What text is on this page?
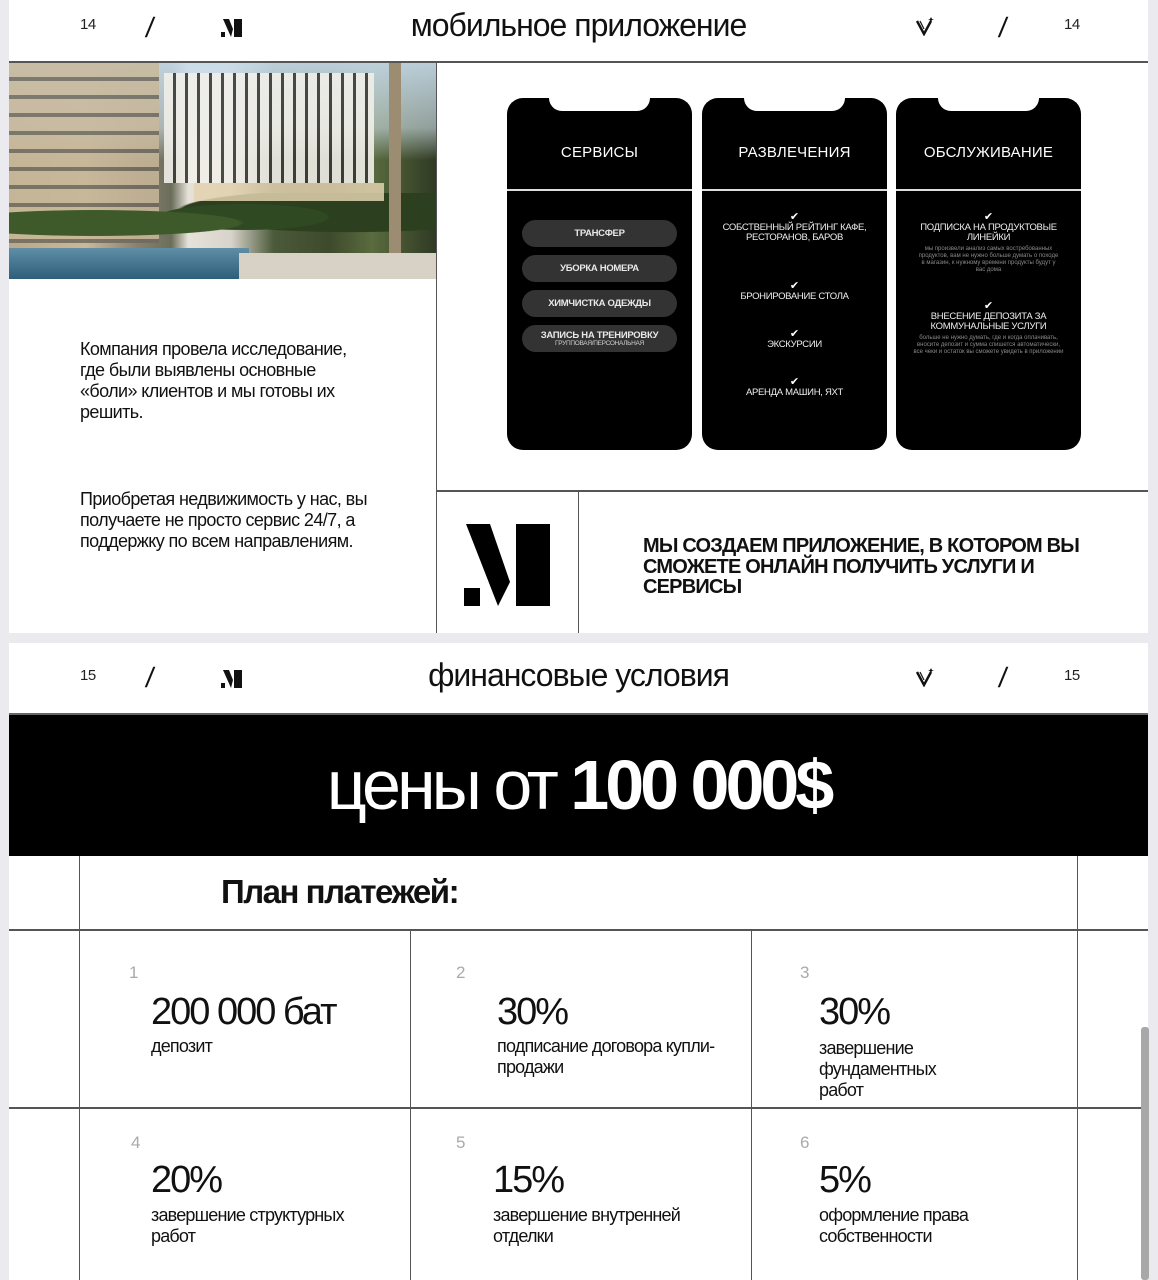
14 /	мобильное приложение	/	14

Компания провела исследование, где были выявлены основные «боли» клиентов и мы готовы их решить.

Приобретая недвижимость у нас, вы получаете не просто сервис 24/7, а поддержку по всем направлениям.

СЕРВИСЫ
ТРАНСФЕР
УБОРКА НОМЕРА
ХИМЧИСТКА ОДЕЖДЫ
ЗАПИСЬ НА ТРЕНИРОВКУ
ГРУППОВАЯ/ПЕРСОНАЛЬНАЯ
РАЗВЛЕЧЕНИЯ
✔
СОБСТВЕННЫЙ РЕЙТИНГ КАФЕ, РЕСТОРАНОВ, БАРОВ
✔
БРОНИРОВАНИЕ СТОЛА
✔
ЭКСКУРСИИ
✔
АРЕНДА МАШИН, ЯХТ
ОБСЛУЖИВАНИЕ
✔
ПОДПИСКА НА ПРОДУКТОВЫЕ ЛИНЕЙКИ
мы произвели анализ самых востребованных продуктов, вам не нужно больше думать о походе в магазин, к нужному времени продукты будут у вас дома
✔
ВНЕСЕНИЕ ДЕПОЗИТА ЗА КОММУНАЛЬНЫЕ УСЛУГИ
больше не нужно думать, где и когда оплачивать, вносите депозит и сумма спишется автоматически, все чеки и остаток вы сможете увидеть в приложении
МЫ СОЗДАЕМ ПРИЛОЖЕНИЕ, В КОТОРОМ ВЫ СМОЖЕТЕ ОНЛАЙН ПОЛУЧИТЬ УСЛУГИ И СЕРВИСЫ
15 /	финансовые условия	/	15
цены от 100 000$
План платежей:
1
200 000 бат
депозит
2
30%
подписание договора купли-продажи
3
30%
завершение фундаментных работ
4
20%
завершение структурных работ
5
15%
завершение внутренней отделки
6
5%
оформление права собственности
